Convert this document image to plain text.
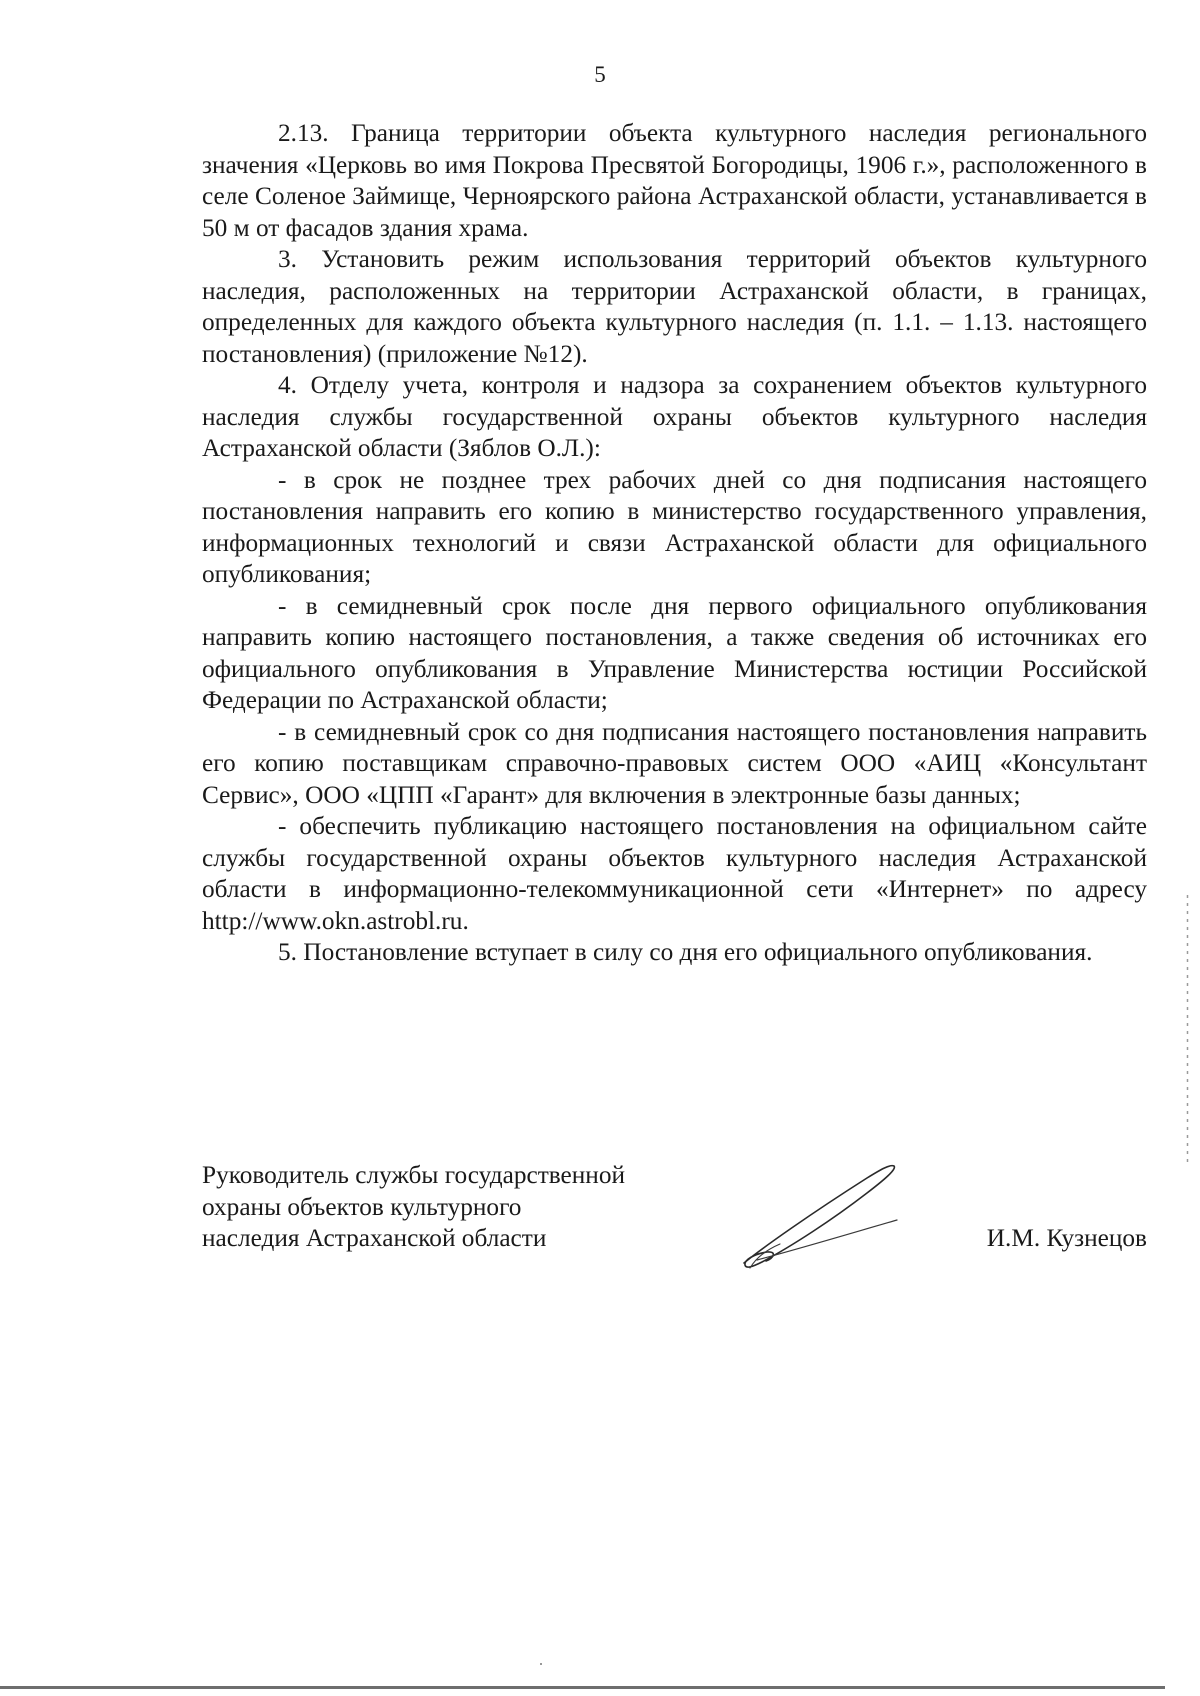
5

2.13. Граница территории объекта культурного наследия регионального значения «Церковь во имя Покрова Пресвятой Богородицы, 1906 г.», расположенного в селе Соленое Займище, Черноярского района Астраханской области, устанавливается в 50 м от фасадов здания храма.

3. Установить режим использования территорий объектов культурного наследия, расположенных на территории Астраханской области, в границах, определенных для каждого объекта культурного наследия (п. 1.1. – 1.13. настоящего постановления) (приложение №12).

4. Отделу учета, контроля и надзора за сохранением объектов культурного наследия службы государственной охраны объектов культурного наследия Астраханской области (Зяблов О.Л.):

- в срок не позднее трех рабочих дней со дня подписания настоящего постановления направить его копию в министерство государственного управления, информационных технологий и связи Астраханской области для официального опубликования;

- в семидневный срок после дня первого официального опубликования направить копию настоящего постановления, а также сведения об источниках его официального опубликования в Управление Министерства юстиции Российской Федерации по Астраханской области;

- в семидневный срок со дня подписания настоящего постановления направить его копию поставщикам справочно-правовых систем ООО «АИЦ «Консультант Сервис», ООО «ЦПП «Гарант» для включения в электронные базы данных;

- обеспечить публикацию настоящего постановления на официальном сайте службы государственной охраны объектов культурного наследия Астраханской области в информационно-телекоммуникационной сети «Интернет» по адресу http://www.okn.astrobl.ru.

5. Постановление вступает в силу со дня его официального опубликования.

Руководитель службы государственной
охраны объектов культурного
наследия Астраханской области	И.М. Кузнецов
